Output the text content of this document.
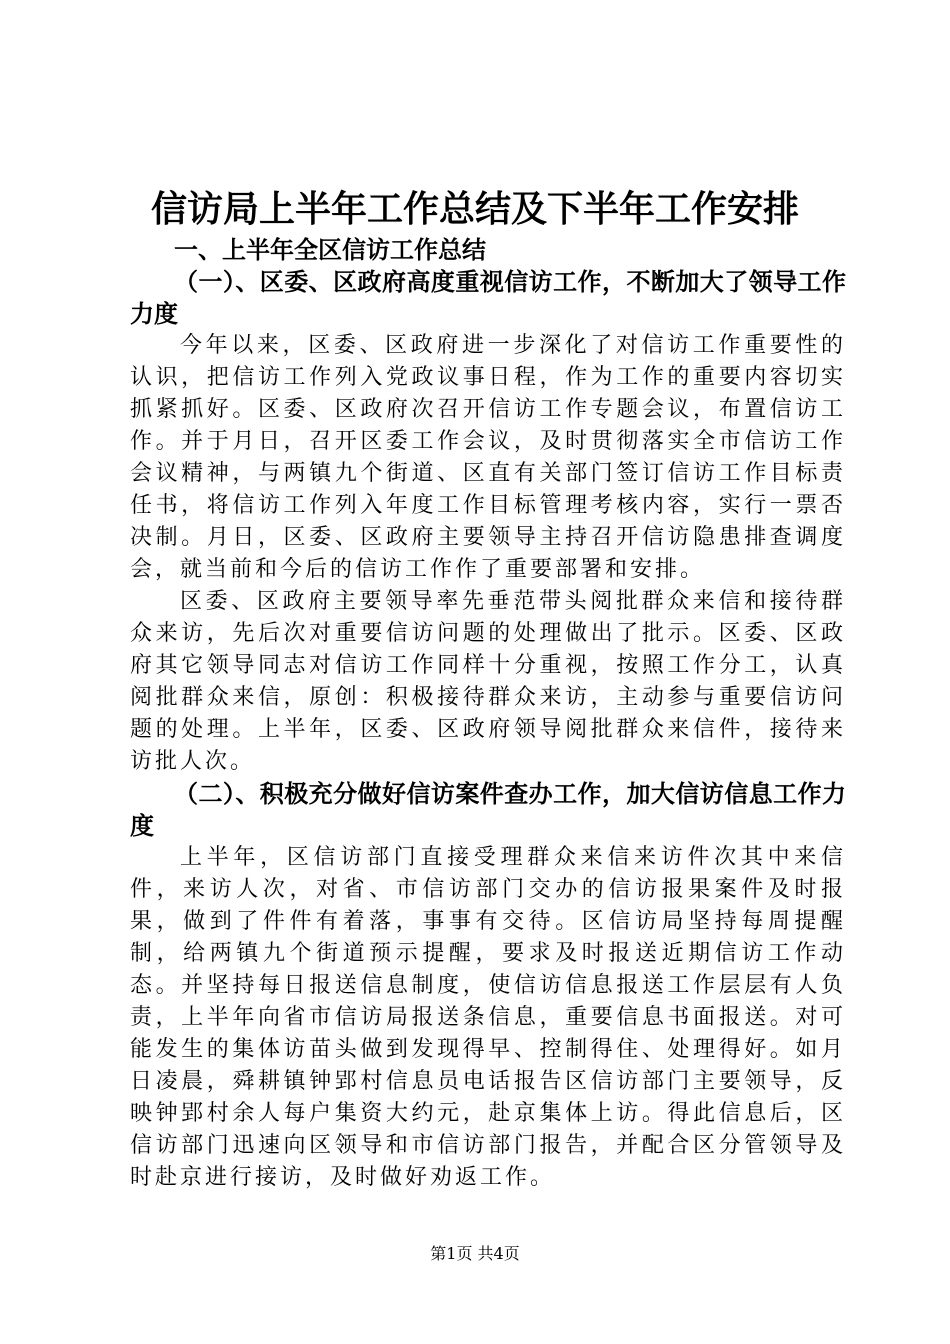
信访局上半年工作总结及下半年工作安排

一、上半年全区信访工作总结

（一）、区委、区政府高度重视信访工作，不断加大了领导工作力度

今年以来，区委、区政府进一步深化了对信访工作重要性的认识，把信访工作列入党政议事日程，作为工作的重要内容切实抓紧抓好。区委、区政府次召开信访工作专题会议，布置信访工作。并于月日，召开区委工作会议，及时贯彻落实全市信访工作会议精神，与两镇九个街道、区直有关部门签订信访工作目标责任书，将信访工作列入年度工作目标管理考核内容，实行一票否决制。月日，区委、区政府主要领导主持召开信访隐患排查调度会，就当前和今后的信访工作作了重要部署和安排。

区委、区政府主要领导率先垂范带头阅批群众来信和接待群众来访，先后次对重要信访问题的处理做出了批示。区委、区政府其它领导同志对信访工作同样十分重视，按照工作分工，认真阅批群众来信，原创：积极接待群众来访，主动参与重要信访问题的处理。上半年，区委、区政府领导阅批群众来信件，接待来访批人次。

（二）、积极充分做好信访案件查办工作，加大信访信息工作力度

上半年，区信访部门直接受理群众来信来访件次其中来信件，来访人次，对省、市信访部门交办的信访报果案件及时报果，做到了件件有着落，事事有交待。区信访局坚持每周提醒制，给两镇九个街道预示提醒，要求及时报送近期信访工作动态。并坚持每日报送信息制度，使信访信息报送工作层层有人负责，上半年向省市信访局报送条信息，重要信息书面报送。对可能发生的集体访苗头做到发现得早、控制得住、处理得好。如月日凌晨，舜耕镇钟郢村信息员电话报告区信访部门主要领导，反映钟郢村余人每户集资大约元，赴京集体上访。得此信息后，区信访部门迅速向区领导和市信访部门报告，并配合区分管领导及时赴京进行接访，及时做好劝返工作。

第1页 共4页
